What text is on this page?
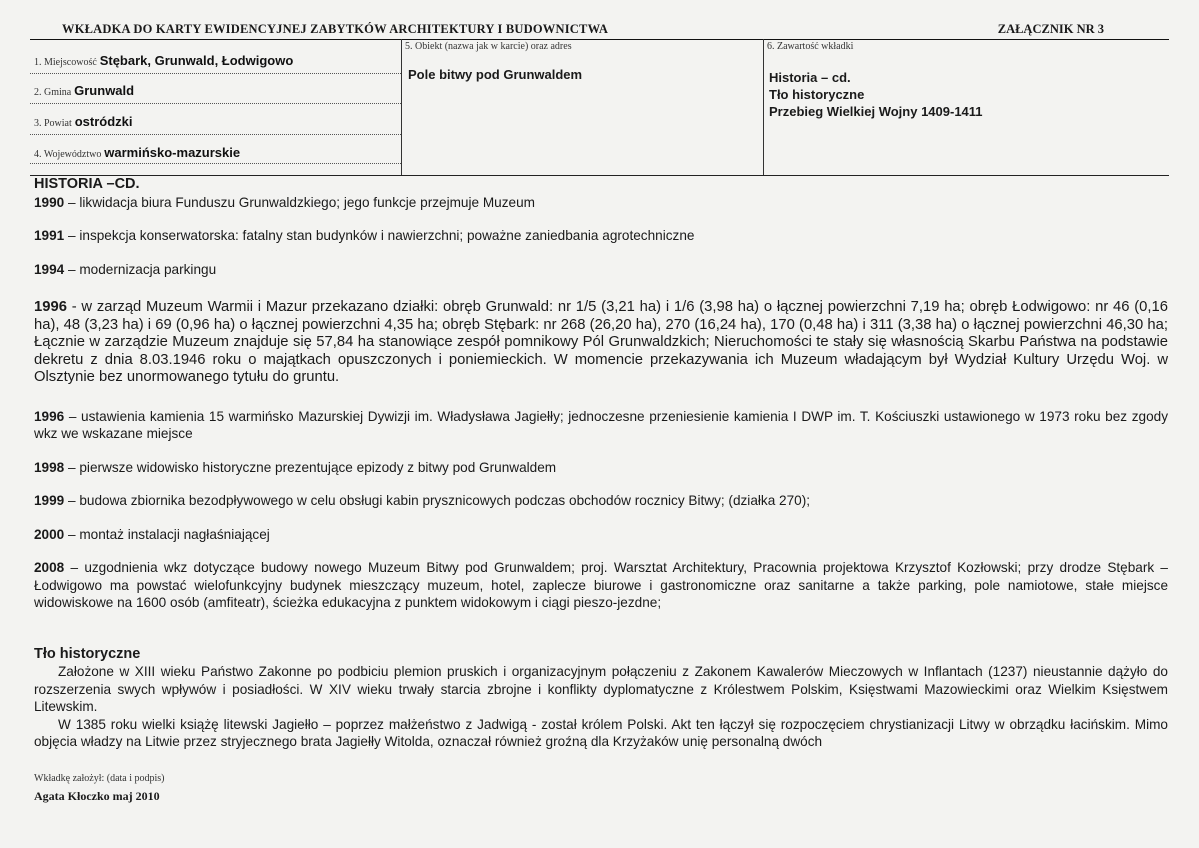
WKŁADKA DO KARTY EWIDENCYJNEJ ZABYTKÓW ARCHITEKTURY I BUDOWNICTWA	ZAŁĄCZNIK NR 3
1. Miejscowość Stębark, Grunwald, Łodwigowo
2. Gmina Grunwald
3. Powiat ostródzki
4. Województwo warmińsko-mazurskie
5. Obiekt (nazwa jak w karcie) oraz adres
Pole bitwy pod Grunwaldem
6. Zawartość wkładki
Historia – cd.
Tło historyczne
Przebieg Wielkiej Wojny 1409-1411
HISTORIA –CD.

1990 – likwidacja biura Funduszu Grunwaldzkiego; jego funkcje przejmuje Muzeum

1991 – inspekcja konserwatorska: fatalny stan budynków i nawierzchni; poważne zaniedbania agrotechniczne

1994 – modernizacja parkingu

1996 - w zarząd Muzeum Warmii i Mazur przekazano działki: obręb Grunwald: nr 1/5 (3,21 ha) i 1/6 (3,98 ha) o łącznej powierzchni 7,19 ha; obręb Łodwigowo: nr 46 (0,16 ha), 48 (3,23 ha) i 69 (0,96 ha) o łącznej powierzchni 4,35 ha; obręb Stębark: nr 268 (26,20 ha), 270 (16,24 ha), 170 (0,48 ha) i 311 (3,38 ha) o łącznej powierzchni 46,30 ha; Łącznie w zarządzie Muzeum znajduje się 57,84 ha stanowiące zespół pomnikowy Pól Grunwaldzkich; Nieruchomości te stały się własnością Skarbu Państwa na podstawie dekretu z dnia 8.03.1946 roku o majątkach opuszczonych i poniemieckich. W momencie przekazywania ich Muzeum władającym był Wydział Kultury Urzędu Woj. w Olsztynie bez unormowanego tytułu do gruntu.

1996 – ustawienia kamienia 15 warmińsko Mazurskiej Dywizji im. Władysława Jagiełły; jednoczesne przeniesienie kamienia I DWP im. T. Kościuszki ustawionego w 1973 roku bez zgody wkz we wskazane miejsce

1998 – pierwsze widowisko historyczne prezentujące epizody z bitwy pod Grunwaldem

1999 – budowa zbiornika bezodpływowego w celu obsługi kabin prysznicowych podczas obchodów rocznicy Bitwy; (działka 270);

2000 – montaż instalacji nagłaśniającej

2008 – uzgodnienia wkz dotyczące budowy nowego Muzeum Bitwy pod Grunwaldem; proj. Warsztat Architektury, Pracownia projektowa Krzysztof Kozłowski; przy drodze Stębark –Łodwigowo ma powstać wielofunkcyjny budynek mieszczący muzeum, hotel, zaplecze biurowe i gastronomiczne oraz sanitarne a także parking, pole namiotowe, stałe miejsce widowiskowe na 1600 osób (amfiteatr), ścieżka edukacyjna z punktem widokowym i ciągi pieszo-jezdne;

Tło historyczne

Założone w XIII wieku Państwo Zakonne po podbiciu plemion pruskich i organizacyjnym połączeniu z Zakonem Kawalerów Mieczowych w Inflantach (1237) nieustannie dążyło do rozszerzenia swych wpływów i posiadłości. W XIV wieku trwały starcia zbrojne i konflikty dyplomatyczne z Królestwem Polskim, Księstwami Mazowieckimi oraz Wielkim Księstwem Litewskim.

W 1385 roku wielki książę litewski Jagiełło – poprzez małżeństwo z Jadwigą - został królem Polski. Akt ten łączył się rozpoczęciem chrystianizacji Litwy w obrządku łacińskim. Mimo objęcia władzy na Litwie przez stryjecznego brata Jagiełły Witolda, oznaczał również groźną dla Krzyżaków unię personalną dwóch

Wkładkę założył: (data i podpis)
Agata Kłoczko maj 2010
